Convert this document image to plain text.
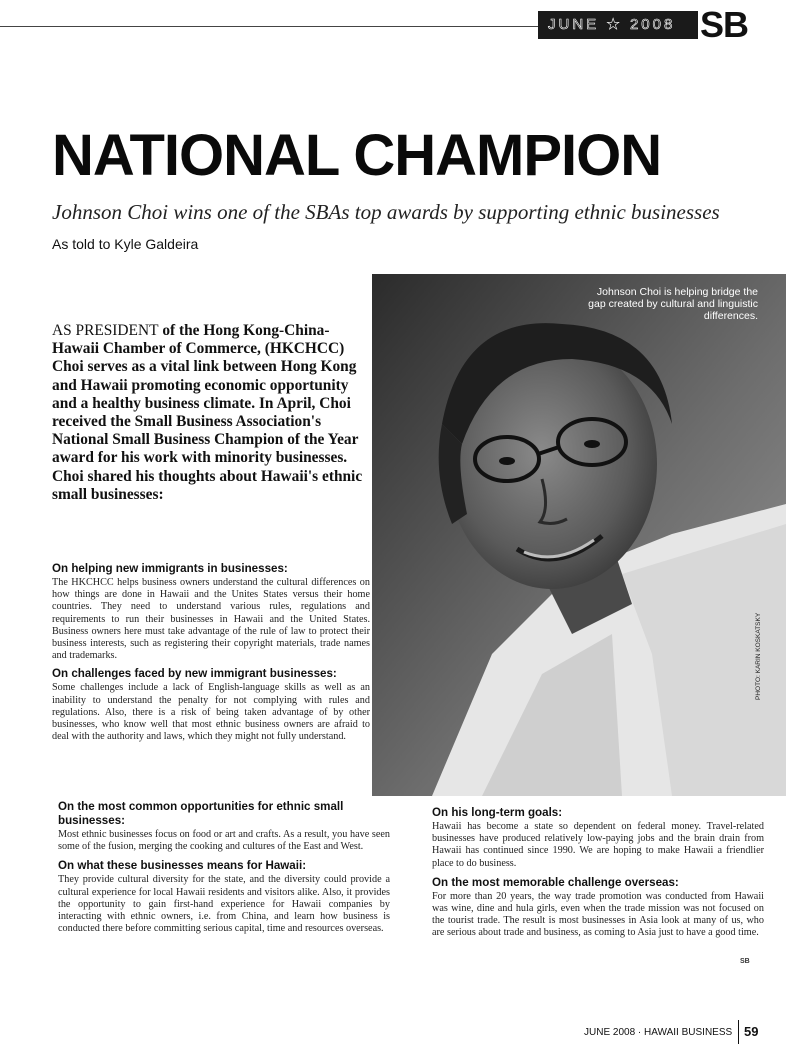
JUNE ★ 2008 SB
NATIONAL CHAMPION
Johnson Choi wins one of the SBAs top awards by supporting ethnic businesses
As told to Kyle Galdeira
Johnson Choi is helping bridge the gap created by cultural and linguistic differences.
PHOTO: KARIN KOSKATSKY
AS PRESIDENT of the Hong Kong-China-Hawaii Chamber of Commerce, (HKCHCC) Choi serves as a vital link between Hong Kong and Hawaii promoting economic opportunity and a healthy business climate. In April, Choi received the Small Business Association's National Small Business Champion of the Year award for his work with minority businesses. Choi shared his thoughts about Hawaii's ethnic small businesses:
On helping new immigrants in businesses:
The HKCHCC helps business owners understand the cultural differences on how things are done in Hawaii and the Unites States versus their home countries. They need to understand various rules, regulations and requirements to run their businesses in Hawaii and the United States. Business owners here must take advantage of the rule of law to protect their business interests, such as registering their copyright materials, trade names and trademarks.
On challenges faced by new immigrant businesses:
Some challenges include a lack of English-language skills as well as an inability to understand the penalty for not complying with rules and regulations. Also, there is a risk of being taken advantage of by other businesses, who know well that most ethnic business owners are afraid to deal with the authority and laws, which they might not fully understand.
On the most common opportunities for ethnic small businesses:
Most ethnic businesses focus on food or art and crafts. As a result, you have seen some of the fusion, merging the cooking and cultures of the East and West.
On what these businesses means for Hawaii:
They provide cultural diversity for the state, and the diversity could provide a cultural experience for local Hawaii residents and visitors alike. Also, it provides the opportunity to gain first-hand experience for Hawaii companies by interacting with ethnic owners, i.e. from China, and learn how business is conducted there before committing serious capital, time and resources overseas.
On his long-term goals:
Hawaii has become a state so dependent on federal money. Travel-related businesses have produced relatively low-paying jobs and the brain drain from Hawaii has continued since 1990. We are hoping to make Hawaii a friendlier place to do business.
On the most memorable challenge overseas:
For more than 20 years, the way trade promotion was conducted from Hawaii was wine, dine and hula girls, even when the trade mission was not focused on the tourist trade. The result is most businesses in Asia look at many of us, who are serious about trade and business, as coming to Asia just to have a good time.
SB
JUNE 2008 · HAWAII BUSINESS 59
